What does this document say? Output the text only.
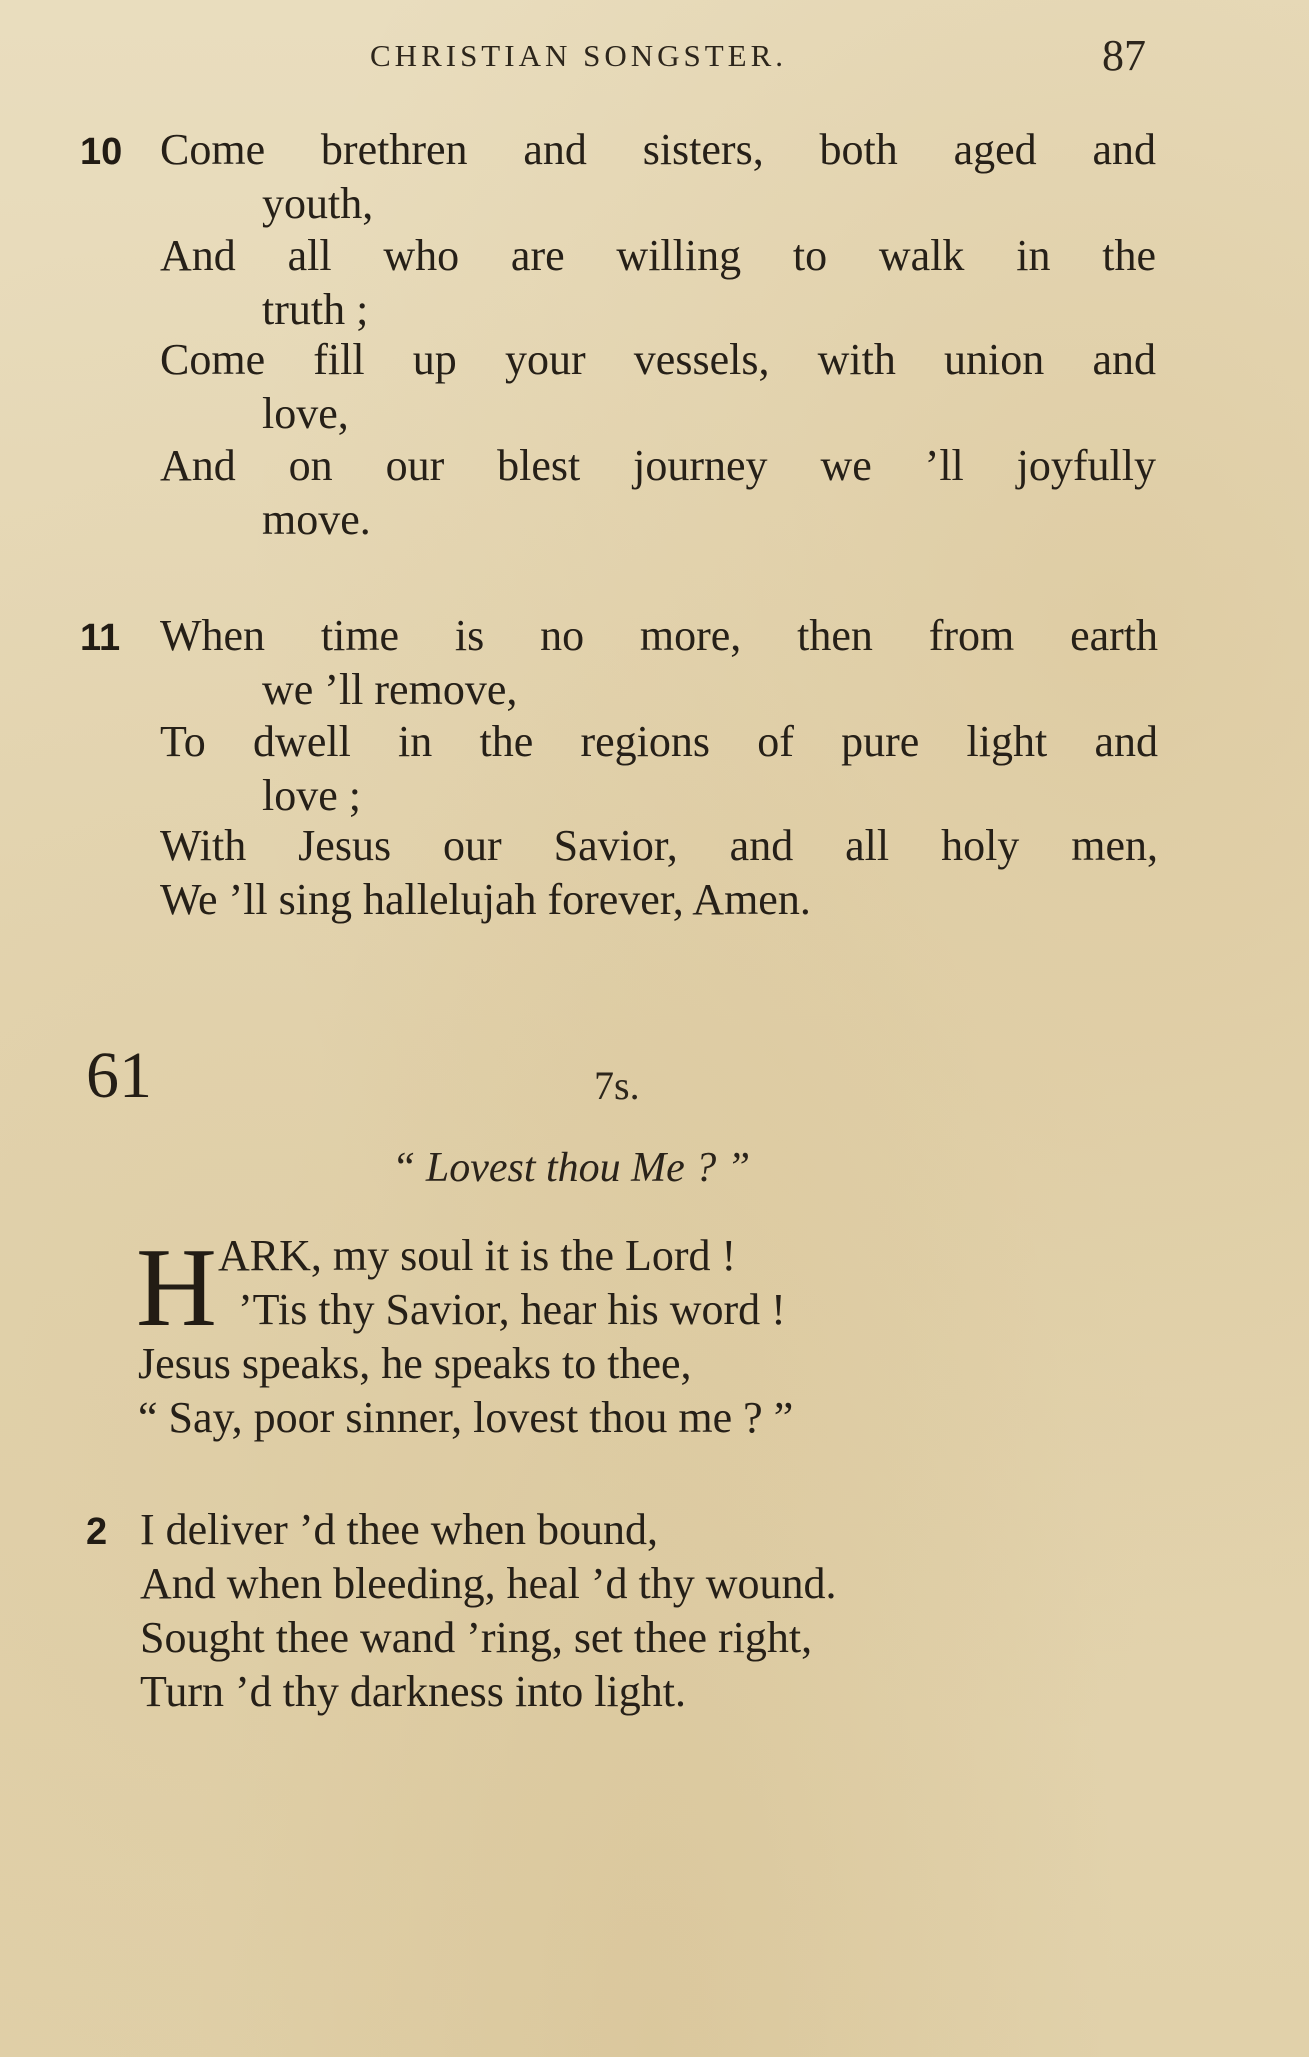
CHRISTIAN SONGSTER.	87
10 Come brethren and sisters, both aged and
youth,
And all who are willing to walk in the
truth ;
Come fill up your vessels, with union and
love,
And on our blest journey we ’ll joyfully
move.
11 When time is no more, then from earth
we ’ll remove,
To dwell in the regions of pure light and
love ;
With Jesus our Savior, and all holy men,
We ’ll sing hallelujah forever, Amen.
61	7s.
“ Lovest thou Me ? ”
H ARK, my soul it is the Lord !
’Tis thy Savior, hear his word !
Jesus speaks, he speaks to thee,
“ Say, poor sinner, lovest thou me ? ”
2 I deliver ’d thee when bound,
And when bleeding, heal ’d thy wound.
Sought thee wand ’ring, set thee right,
Turn ’d thy darkness into light.
